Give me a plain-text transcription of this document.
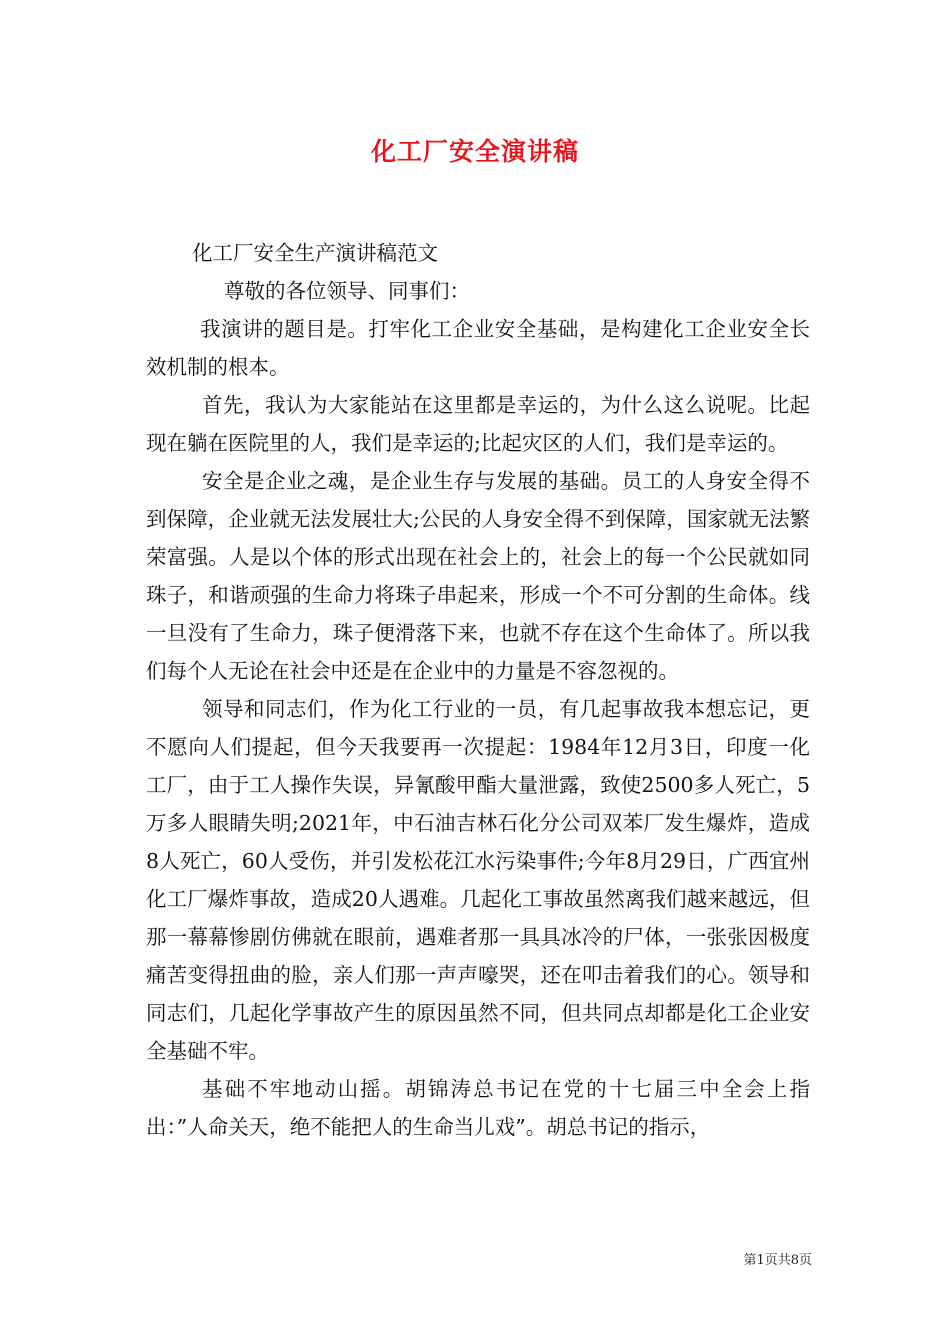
化工厂安全演讲稿

化工厂安全生产演讲稿范文

尊敬的各位领导、同事们：

我演讲的题目是。打牢化工企业安全基础，是构建化工企业安全长效机制的根本。

首先，我认为大家能站在这里都是幸运的，为什么这么说呢。比起现在躺在医院里的人，我们是幸运的;比起灾区的人们，我们是幸运的。

安全是企业之魂，是企业生存与发展的基础。员工的人身安全得不到保障，企业就无法发展壮大;公民的人身安全得不到保障，国家就无法繁荣富强。人是以个体的形式出现在社会上的，社会上的每一个公民就如同珠子，和谐顽强的生命力将珠子串起来，形成一个不可分割的生命体。线一旦没有了生命力，珠子便滑落下来，也就不存在这个生命体了。所以我们每个人无论在社会中还是在企业中的力量是不容忽视的。

领导和同志们，作为化工行业的一员，有几起事故我本想忘记，更不愿向人们提起，但今天我要再一次提起：1984年12月3日，印度一化工厂，由于工人操作失误，异氰酸甲酯大量泄露，致使2500多人死亡，5万多人眼睛失明;2021年，中石油吉林石化分公司双苯厂发生爆炸，造成8人死亡，60人受伤，并引发松花江水污染事件;今年8月29日，广西宜州化工厂爆炸事故，造成20人遇难。几起化工事故虽然离我们越来越远，但那一幕幕惨剧仿佛就在眼前，遇难者那一具具冰冷的尸体，一张张因极度痛苦变得扭曲的脸，亲人们那一声声嚎哭，还在叩击着我们的心。领导和同志们，几起化学事故产生的原因虽然不同，但共同点却都是化工企业安全基础不牢。

基础不牢地动山摇。胡锦涛总书记在党的十七届三中全会上指出：”人命关天，绝不能把人的生命当儿戏”。胡总书记的指示，

第1页共8页
